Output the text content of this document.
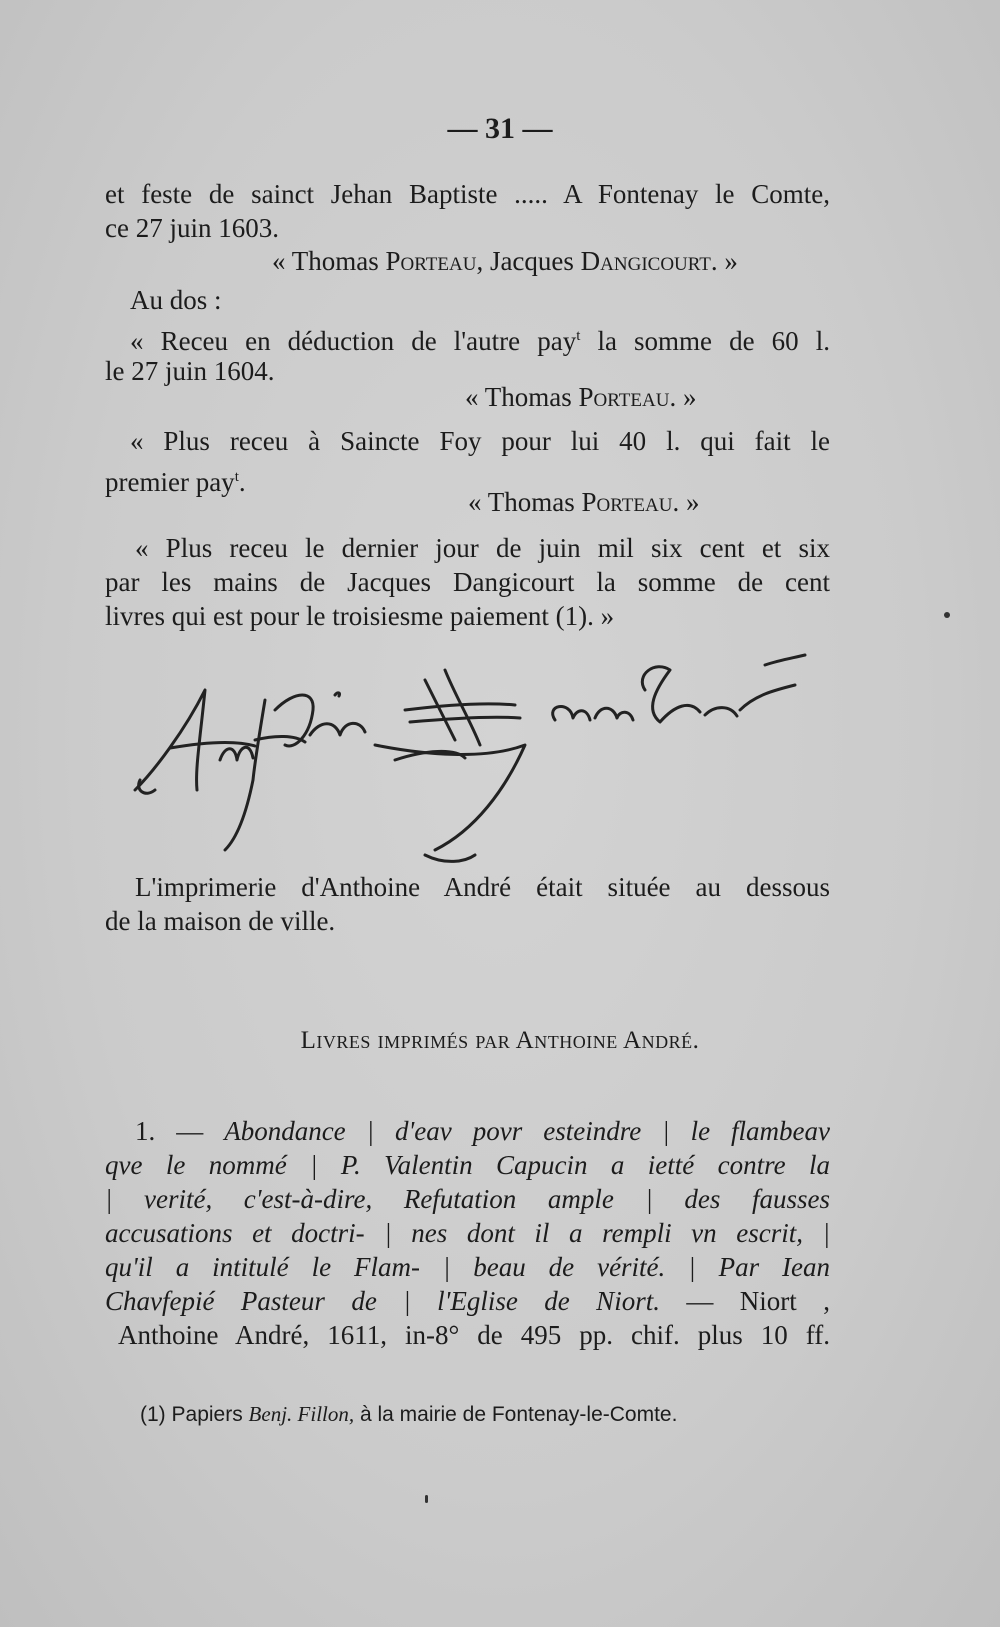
— 31 —
et feste de sainct Jehan Baptiste ..... A Fontenay le Comte,
ce 27 juin 1603.
« Thomas Porteau, Jacques Dangicourt. »
Au dos :
« Receu en déduction de l'autre pay$^t$ la somme de 60 l.
le 27 juin 1604.
« Thomas Porteau. »
« Plus receu à Saincte Foy pour lui 40 l. qui fait le
premier pay$^t$.
« Thomas Porteau. »
« Plus receu le dernier jour de juin mil six cent et six
par les mains de Jacques Dangicourt la somme de cent
livres qui est pour le troisiesme paiement (1). »
L'imprimerie d'Anthoine André était située au dessous
de la maison de ville.
Livres imprimés par Anthoine André.
1. — Abondance | d'eav povr esteindre | le flambeav
qve le nommé | P. Valentin Capucin a ietté contre la
| verité, c'est-à-dire, Refutation ample | des fausses
accusations et doctri- | nes dont il a rempli vn escrit, |
qu'il a intitulé le Flam- | beau de vérité. | Par Iean
Chavfepié Pasteur de | l'Eglise de Niort. — Niort ,
Anthoine André, 1611, in-8° de 495 pp. chif. plus 10 ff.
(1) Papiers Benj. Fillon, à la mairie de Fontenay-le-Comte.
